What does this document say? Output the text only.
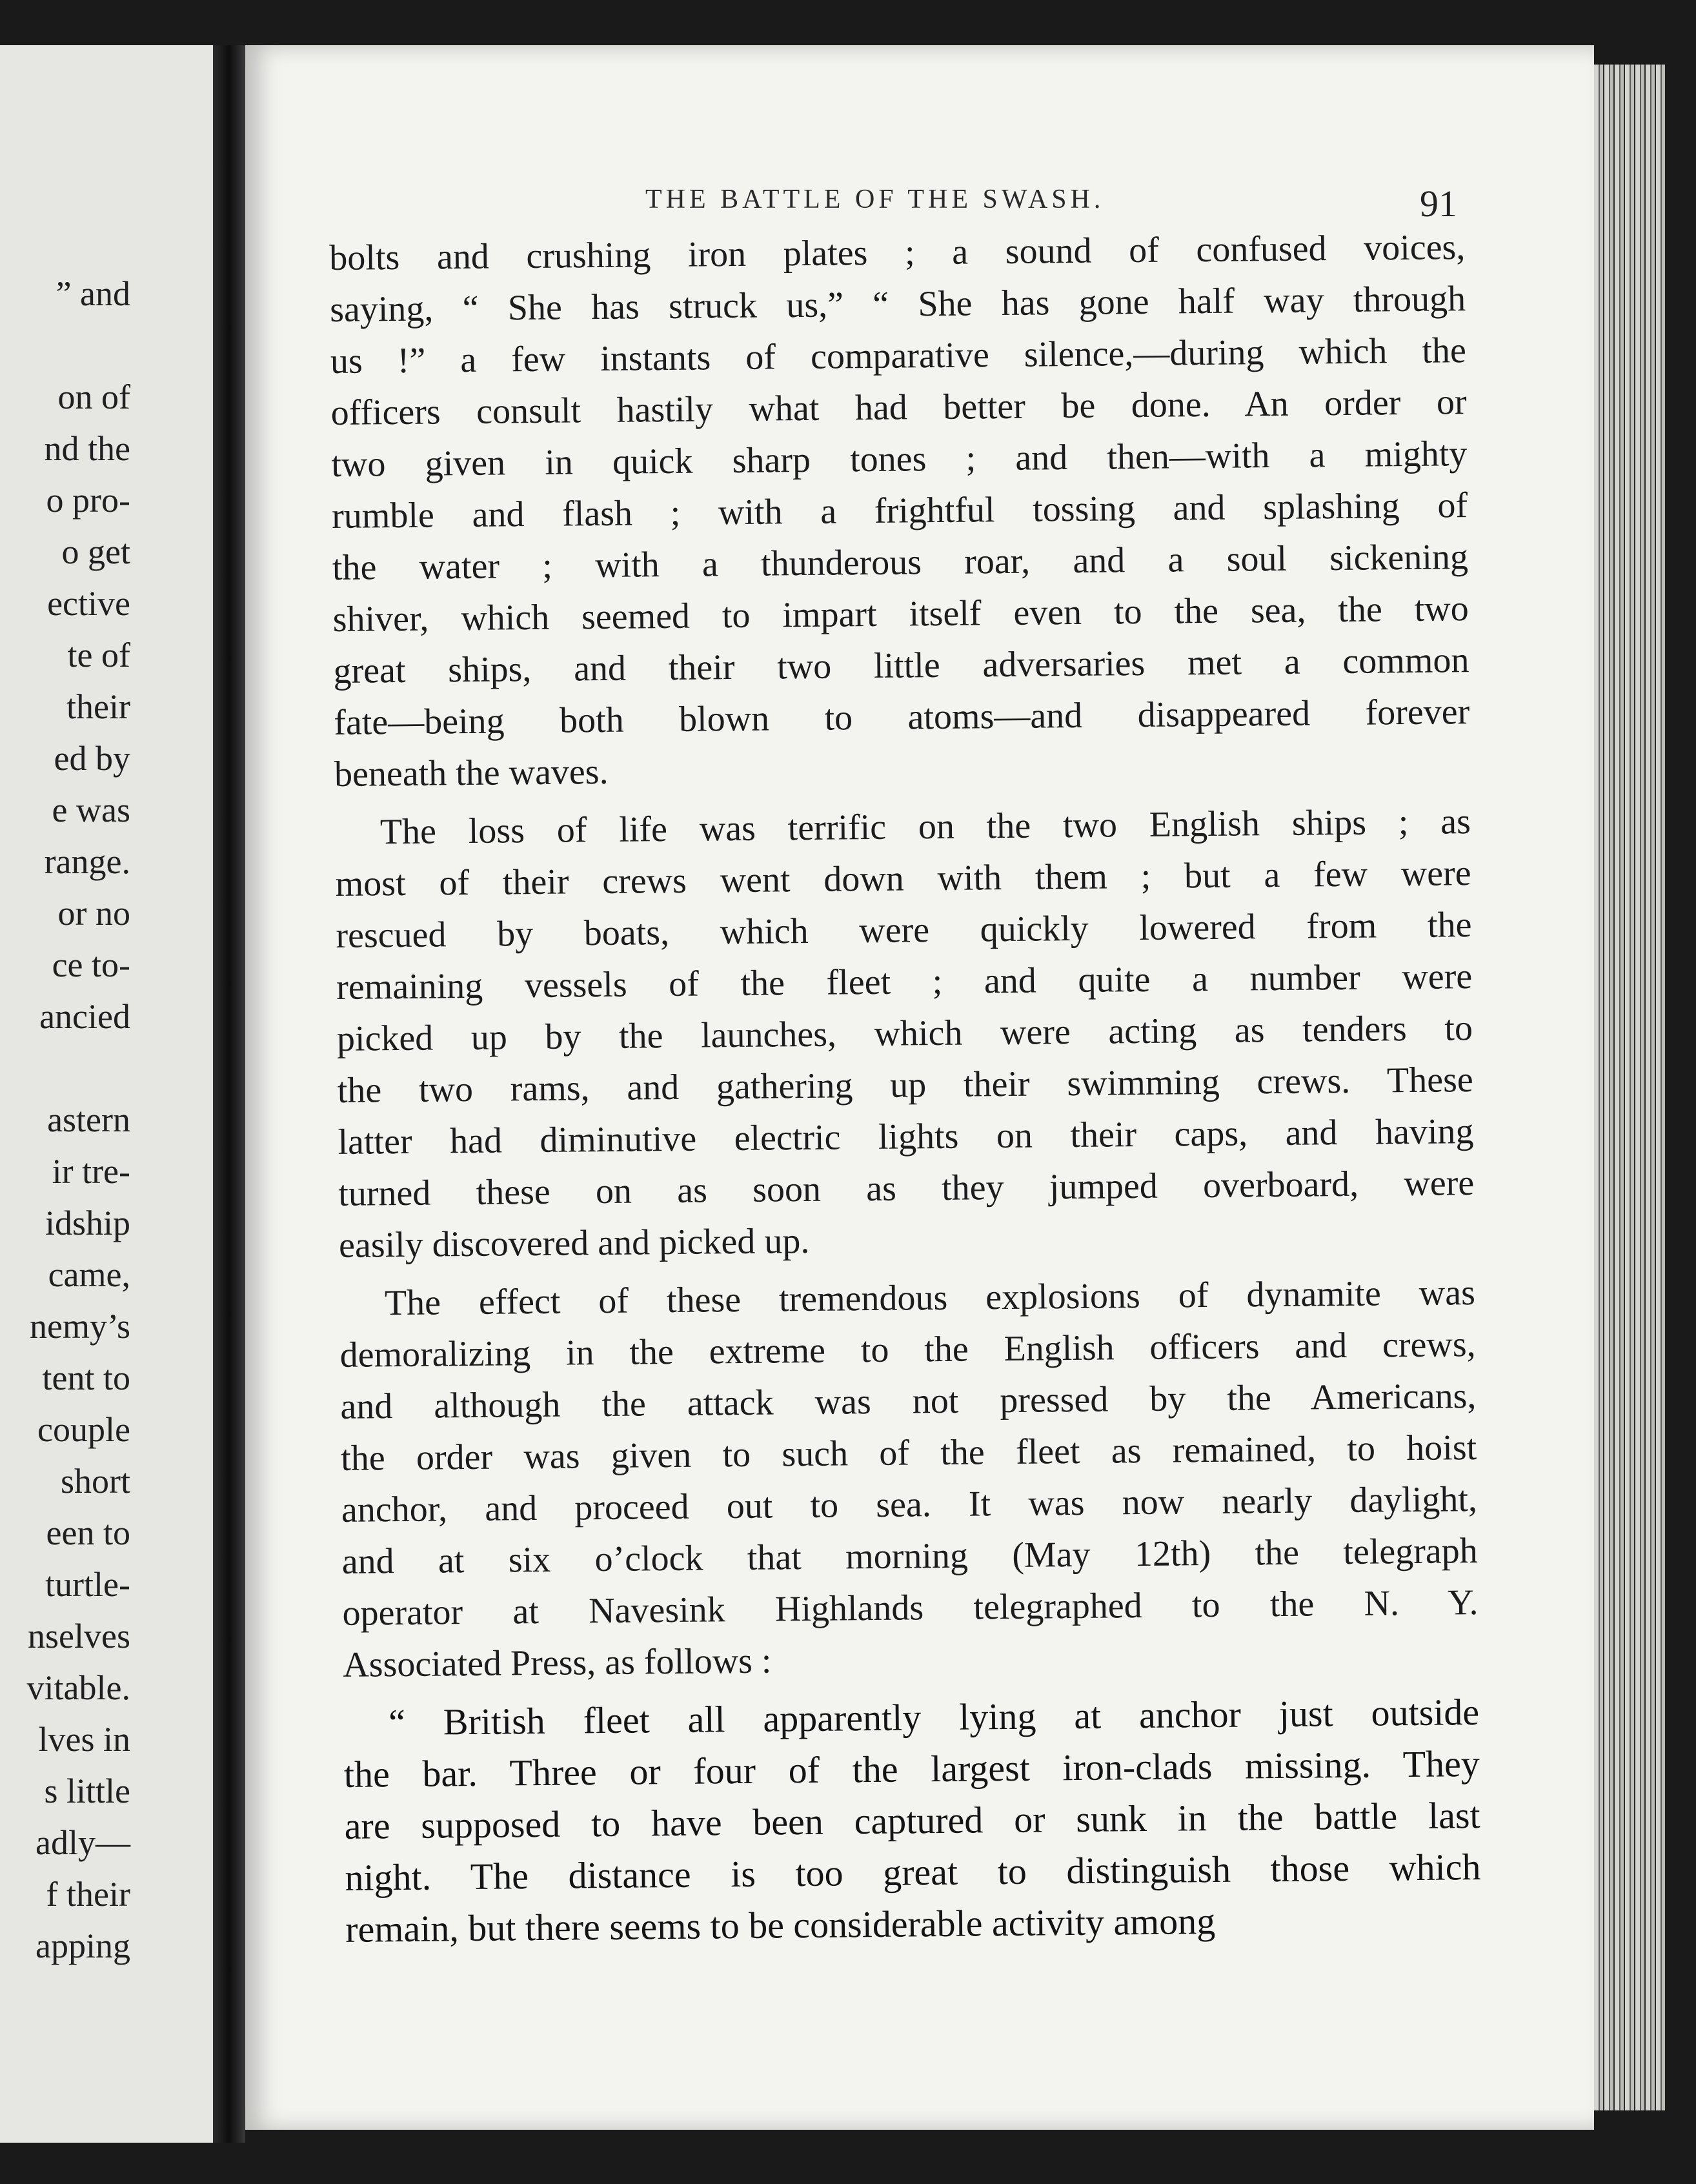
” and
on of
nd the
o pro-
o get
ective
te of
their
ed by
e was
range.
or no
ce to-
ancied
astern
ir tre-
idship
came,
nemy’s
tent to
couple
short
een to
turtle-
nselves
vitable.
lves in
s little
adly—
f their
apping
THE BATTLE OF THE SWASH.	91
bolts and crushing iron plates ; a sound of confused voices,
saying, “ She has struck us,” “ She has gone half way through
us !” a few instants of comparative silence,—during which the
officers consult hastily what had better be done. An order or
two given in quick sharp tones ; and then—with a mighty
rumble and flash ; with a frightful tossing and splashing of
the water ; with a thunderous roar, and a soul sickening
shiver, which seemed to impart itself even to the sea, the two
great ships, and their two little adversaries met a common
fate—being both blown to atoms—and disappeared forever
beneath the waves.
The loss of life was terrific on the two English ships ; as
most of their crews went down with them ; but a few were
rescued by boats, which were quickly lowered from the
remaining vessels of the fleet ; and quite a number were
picked up by the launches, which were acting as tenders to
the two rams, and gathering up their swimming crews. These
latter had diminutive electric lights on their caps, and having
turned these on as soon as they jumped overboard, were
easily discovered and picked up.
The effect of these tremendous explosions of dynamite was
demoralizing in the extreme to the English officers and crews,
and although the attack was not pressed by the Americans,
the order was given to such of the fleet as remained, to hoist
anchor, and proceed out to sea. It was now nearly daylight,
and at six o’clock that morning (May 12th) the telegraph
operator at Navesink Highlands telegraphed to the N. Y.
Associated Press, as follows :
“ British fleet all apparently lying at anchor just outside
the bar. Three or four of the largest iron-clads missing. They
are supposed to have been captured or sunk in the battle last
night. The distance is too great to distinguish those which
remain, but there seems to be considerable activity among
